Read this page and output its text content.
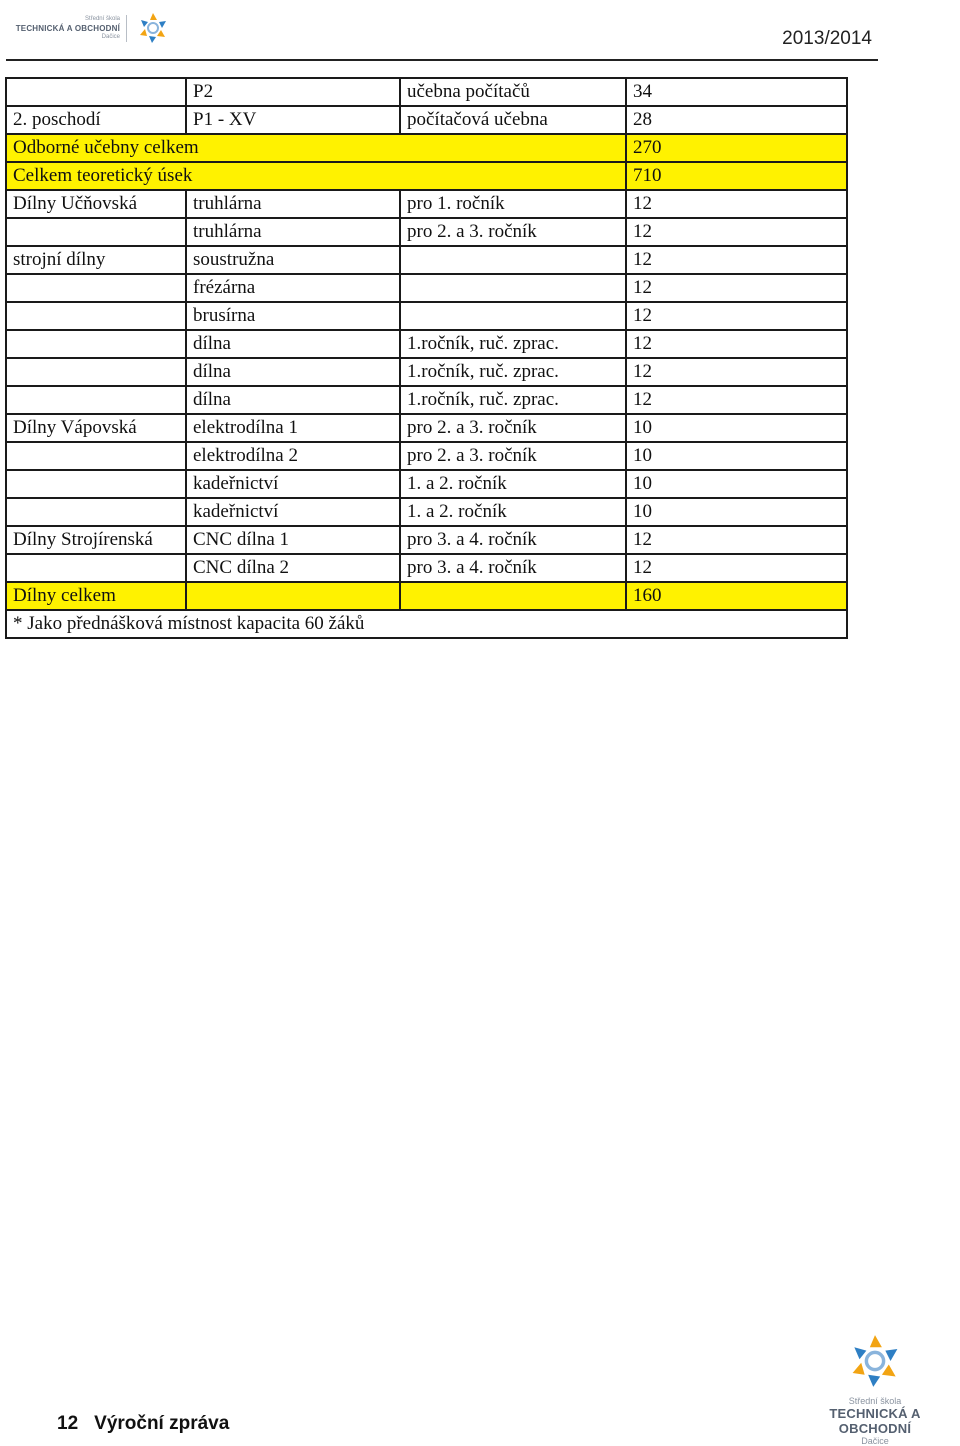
Střední škola
TECHNICKÁ A OBCHODNÍ
Dačice	2013/2014
	P2	učebna počítačů	34
2. poschodí	P1 - XV	počítačová učebna	28
Odborné učebny celkem			270
Celkem teoretický úsek			710
Dílny Učňovská	truhlárna	pro 1. ročník	12
	truhlárna	pro 2. a 3. ročník	12
strojní dílny	soustružna		12
	frézárna		12
	brusírna		12
	dílna	1.ročník, ruč. zprac.	12
	dílna	1.ročník, ruč. zprac.	12
	dílna	1.ročník, ruč. zprac.	12
Dílny Vápovská	elektrodílna 1	pro 2. a 3. ročník	10
	elektrodílna 2	pro 2. a 3. ročník	10
	kadeřnictví	1. a 2. ročník	10
	kadeřnictví	1. a 2. ročník	10
Dílny Strojírenská	CNC dílna 1	pro 3. a 4. ročník	12
	CNC dílna 2	pro 3. a 4. ročník	12
Dílny celkem			160
* Jako přednášková místnost kapacita 60 žáků			
12 Výroční zpráva
Střední škola
TECHNICKÁ A OBCHODNÍ
Dačice
